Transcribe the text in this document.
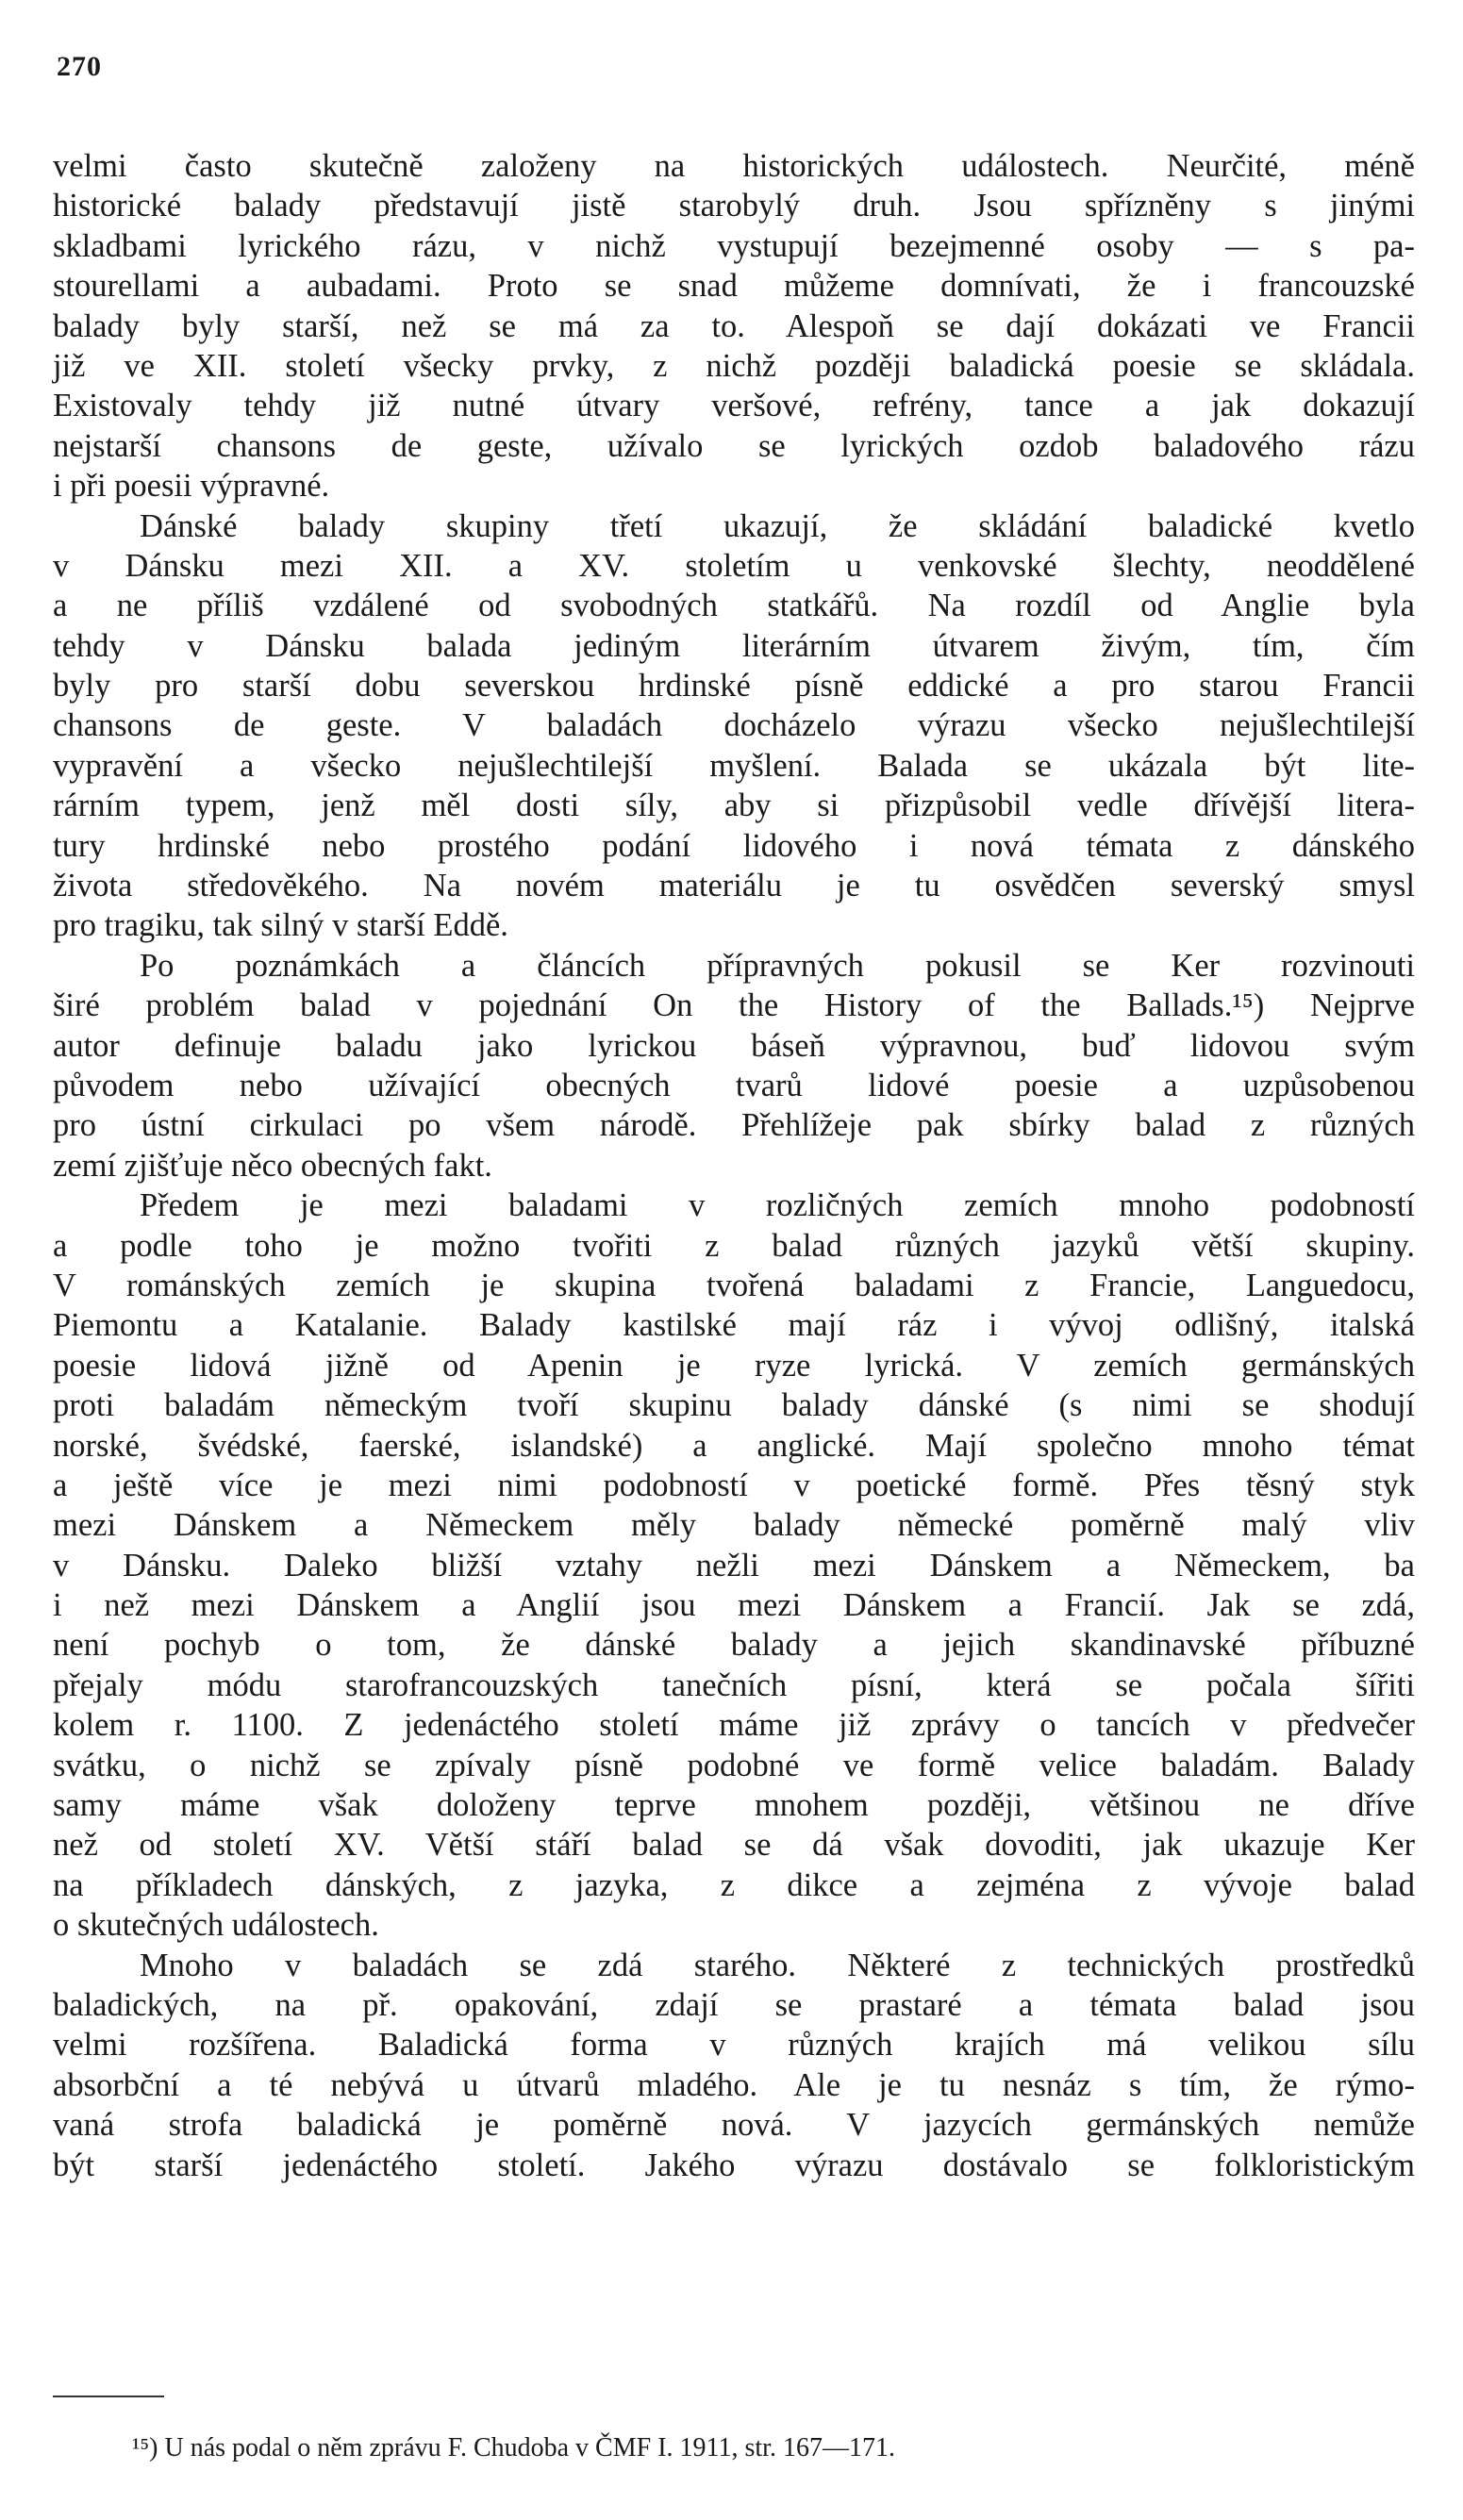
270
velmi často skutečně založeny na historických událostech. Neurčité, méně
historické balady představují jistě starobylý druh. Jsou spřízněny s jinými
skladbami lyrického rázu, v nichž vystupují bezejmenné osoby — s pa-
stourellami a aubadami. Proto se snad můžeme domnívati, že i francouzské
balady byly starší, než se má za to. Alespoň se dají dokázati ve Francii
již ve XII. století všecky prvky, z nichž později baladická poesie se skládala.
Existovaly tehdy již nutné útvary veršové, refrény, tance a jak dokazují
nejstarší chansons de geste, užívalo se lyrických ozdob baladového rázu
i při poesii výpravné.
Dánské balady skupiny třetí ukazují, že skládání baladické kvetlo
v Dánsku mezi XII. a XV. stoletím u venkovské šlechty, neoddělené
a ne příliš vzdálené od svobodných statkářů. Na rozdíl od Anglie byla
tehdy v Dánsku balada jediným literárním útvarem živým, tím, čím
byly pro starší dobu severskou hrdinské písně eddické a pro starou Francii
chansons de geste. V baladách docházelo výrazu všecko nejušlechtilejší
vypravění a všecko nejušlechtilejší myšlení. Balada se ukázala být lite-
rárním typem, jenž měl dosti síly, aby si přizpůsobil vedle dřívější litera-
tury hrdinské nebo prostého podání lidového i nová témata z dánského
života středověkého. Na novém materiálu je tu osvědčen severský smysl
pro tragiku, tak silný v starší Eddě.
Po poznámkách a článcích přípravných pokusil se Ker rozvinouti
širé problém balad v pojednání On the History of the Ballads.¹⁵) Nejprve
autor definuje baladu jako lyrickou báseň výpravnou, buď lidovou svým
původem nebo užívající obecných tvarů lidové poesie a uzpůsobenou
pro ústní cirkulaci po všem národě. Přehlížeje pak sbírky balad z různých
zemí zjišťuje něco obecných fakt.
Předem je mezi baladami v rozličných zemích mnoho podobností
a podle toho je možno tvořiti z balad různých jazyků větší skupiny.
V románských zemích je skupina tvořená baladami z Francie, Languedocu,
Piemontu a Katalanie. Balady kastilské mají ráz i vývoj odlišný, italská
poesie lidová jižně od Apenin je ryze lyrická. V zemích germánských
proti baladám německým tvoří skupinu balady dánské (s nimi se shodují
norské, švédské, faerské, islandské) a anglické. Mají společno mnoho témat
a ještě více je mezi nimi podobností v poetické formě. Přes těsný styk
mezi Dánskem a Německem měly balady německé poměrně malý vliv
v Dánsku. Daleko bližší vztahy nežli mezi Dánskem a Německem, ba
i než mezi Dánskem a Anglií jsou mezi Dánskem a Francií. Jak se zdá,
není pochyb o tom, že dánské balady a jejich skandinavské příbuzné
přejaly módu starofrancouzských tanečních písní, která se počala šířiti
kolem r. 1100. Z jedenáctého století máme již zprávy o tancích v předvečer
svátku, o nichž se zpívaly písně podobné ve formě velice baladám. Balady
samy máme však doloženy teprve mnohem později, většinou ne dříve
než od století XV. Větší stáří balad se dá však dovoditi, jak ukazuje Ker
na příkladech dánských, z jazyka, z dikce a zejména z vývoje balad
o skutečných událostech.
Mnoho v baladách se zdá starého. Některé z technických prostředků
baladických, na př. opakování, zdají se prastaré a témata balad jsou
velmi rozšířena. Baladická forma v různých krajích má velikou sílu
absorbční a té nebývá u útvarů mladého. Ale je tu nesnáz s tím, že rýmo-
vaná strofa baladická je poměrně nová. V jazycích germánských nemůže
být starší jedenáctého století. Jakého výrazu dostávalo se folkloristickým
¹⁵) U nás podal o něm zprávu F. Chudoba v ČMF I. 1911, str. 167—171.
